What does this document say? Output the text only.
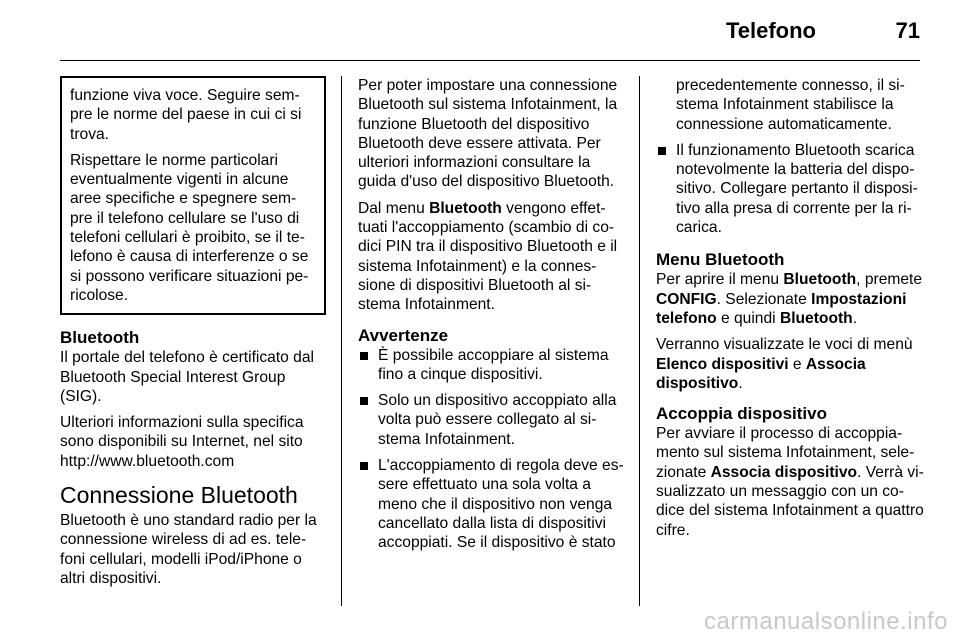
Telefono	71

funzione viva voce. Seguire sem-pre le norme del paese in cui ci si trova.

Rispettare le norme particolari eventualmente vigenti in alcune aree specifiche e spegnere sem-pre il telefono cellulare se l'uso di telefoni cellulari è proibito, se il te-lefono è causa di interferenze o se si possono verificare situazioni pe-ricolose.

Bluetooth

Il portale del telefono è certificato dal Bluetooth Special Interest Group (SIG).

Ulteriori informazioni sulla specifica sono disponibili su Internet, nel sito http://www.bluetooth.com

Connessione Bluetooth

Bluetooth è uno standard radio per la connessione wireless di ad es. tele-foni cellulari, modelli iPod/iPhone o altri dispositivi.

Per poter impostare una connessione Bluetooth sul sistema Infotainment, la funzione Bluetooth del dispositivo Bluetooth deve essere attivata. Per ulteriori informazioni consultare la guida d'uso del dispositivo Bluetooth.

Dal menu Bluetooth vengono effet-tuati l'accoppiamento (scambio di co-dici PIN tra il dispositivo Bluetooth e il sistema Infotainment) e la connes-sione di dispositivi Bluetooth al si-stema Infotainment.

Avvertenze
È possibile accoppiare al sistema fino a cinque dispositivi.
Solo un dispositivo accoppiato alla volta può essere collegato al si-stema Infotainment.
L'accoppiamento di regola deve es-sere effettuato una sola volta a meno che il dispositivo non venga cancellato dalla lista di dispositivi accoppiati. Se il dispositivo è stato

precedentemente connesso, il si-stema Infotainment stabilisce la connessione automaticamente.

Il funzionamento Bluetooth scarica notevolmente la batteria del dispo-sitivo. Collegare pertanto il disposi-tivo alla presa di corrente per la ri-carica.
Menu Bluetooth

Per aprire il menu Bluetooth, premete CONFIG. Selezionate Impostazioni telefono e quindi Bluetooth.

Verranno visualizzate le voci di menù Elenco dispositivi e Associa dispositivo.

Accoppia dispositivo

Per avviare il processo di accoppia-mento sul sistema Infotainment, sele-zionate Associa dispositivo. Verrà vi-sualizzato un messaggio con un co-dice del sistema Infotainment a quattro cifre.

carmanualsonline.info
